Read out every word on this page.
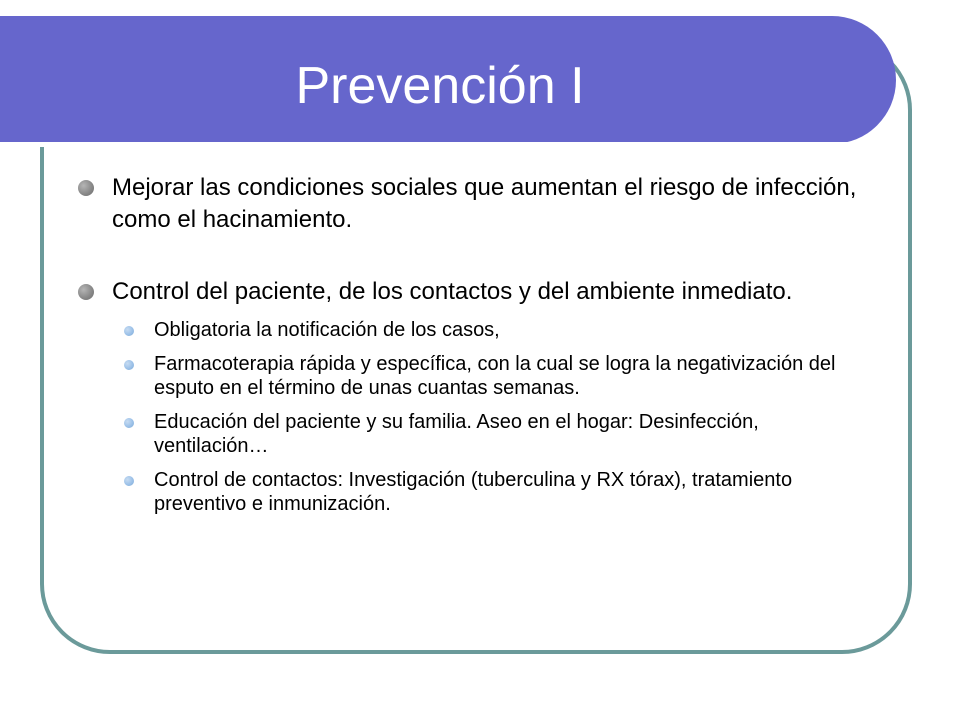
Prevención I
Mejorar las condiciones sociales que aumentan el riesgo de infección, como el hacinamiento.
Control del paciente, de los contactos y del ambiente inmediato.
Obligatoria la notificación de los casos,
Farmacoterapia rápida y específica, con la cual se logra la negativización del esputo en el término de unas cuantas semanas.
Educación del paciente y su familia. Aseo en el hogar: Desinfección, ventilación…
Control de contactos: Investigación (tuberculina y RX tórax), tratamiento preventivo e inmunización.
